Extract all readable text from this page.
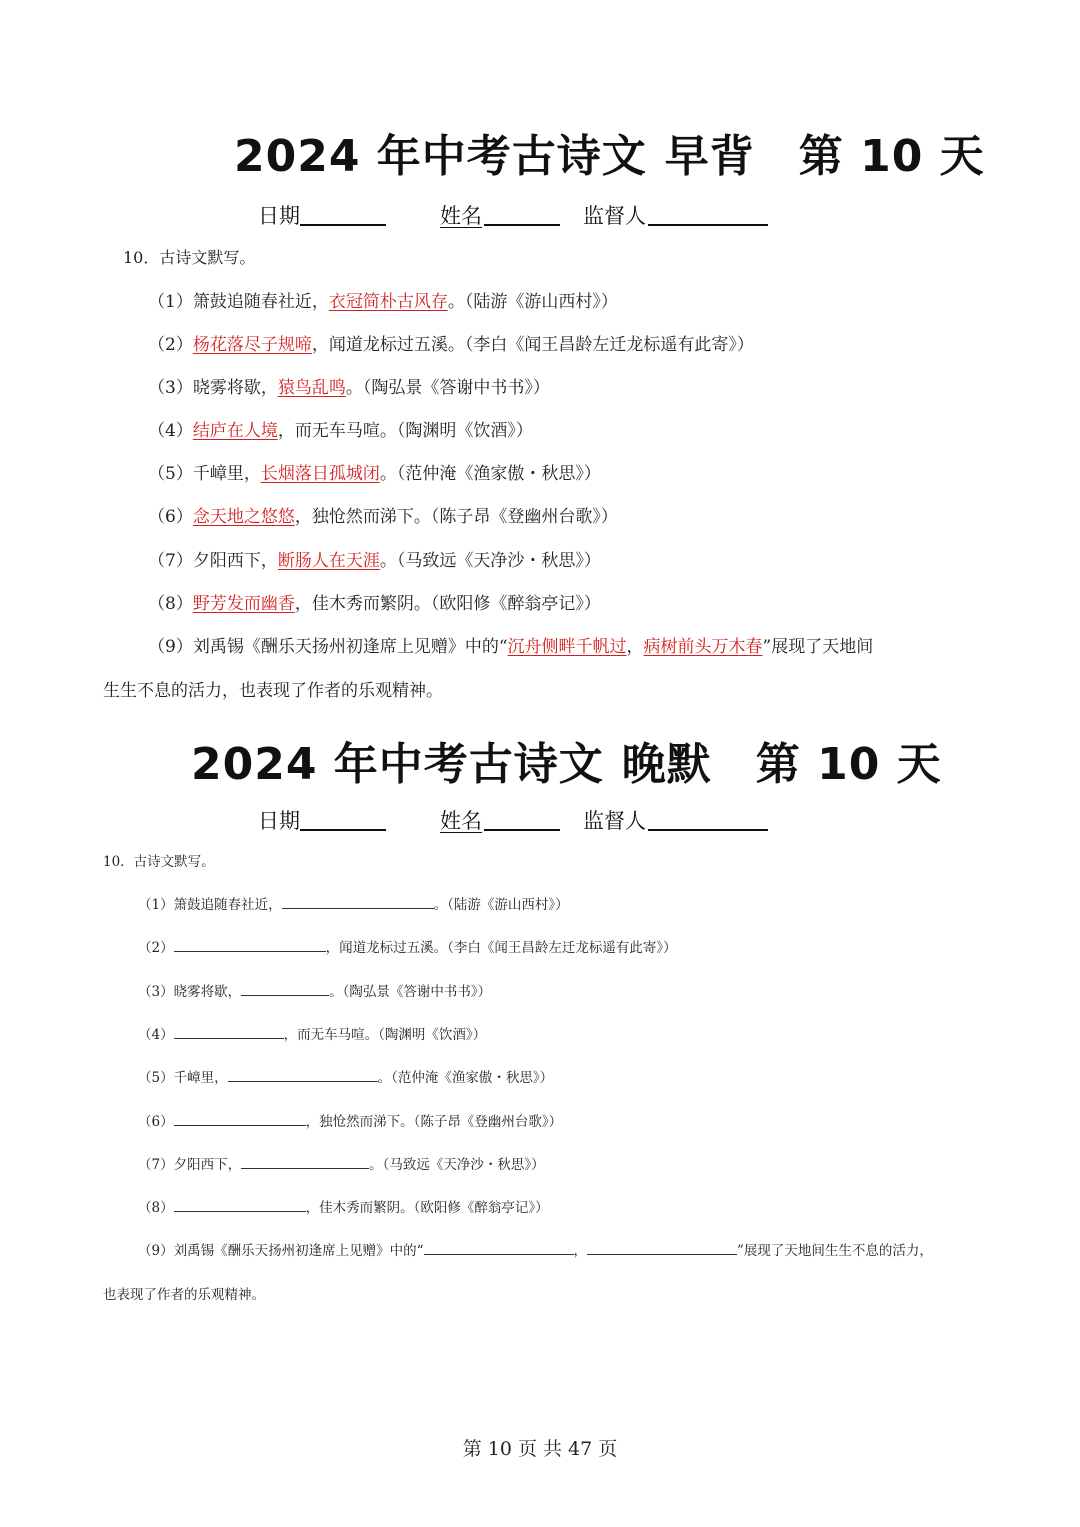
2024 年中考古诗文 早背 第 10 天
日期	姓名	监督人
10．古诗文默写。
（1）箫鼓追随春社近，衣冠简朴古风存。（陆游《游山西村》）
（2）杨花落尽子规啼，闻道龙标过五溪。（李白《闻王昌龄左迁龙标遥有此寄》）
（3）晓雾将歇，猿鸟乱鸣。（陶弘景《答谢中书书》）
（4）结庐在人境，而无车马喧。（陶渊明《饮酒》）
（5）千嶂里，长烟落日孤城闭。（范仲淹《渔家傲・秋思》）
（6）念天地之悠悠，独怆然而涕下。（陈子昂《登幽州台歌》）
（7）夕阳西下，断肠人在天涯。（马致远《天净沙・秋思》）
（8）野芳发而幽香，佳木秀而繁阴。（欧阳修《醉翁亭记》）
（9）刘禹锡《酬乐天扬州初逢席上见赠》中的“沉舟侧畔千帆过，病树前头万木春”展现了天地间
生生不息的活力，也表现了作者的乐观精神。
2024 年中考古诗文 晚默 第 10 天
日期	姓名	监督人
10．古诗文默写。
（1）箫鼓追随春社近，	。（陆游《游山西村》）
（2）	，闻道龙标过五溪。（李白《闻王昌龄左迁龙标遥有此寄》）
（3）晓雾将歇，	。（陶弘景《答谢中书书》）
（4）	，而无车马喧。（陶渊明《饮酒》）
（5）千嶂里，	。（范仲淹《渔家傲・秋思》）
（6）	，独怆然而涕下。（陈子昂《登幽州台歌》）
（7）夕阳西下，	。（马致远《天净沙・秋思》）
（8）	，佳木秀而繁阴。（欧阳修《醉翁亭记》）
（9）刘禹锡《酬乐天扬州初逢席上见赠》中的“	，	”展现了天地间生生不息的活力，
也表现了作者的乐观精神。
第 10 页 共 47 页
